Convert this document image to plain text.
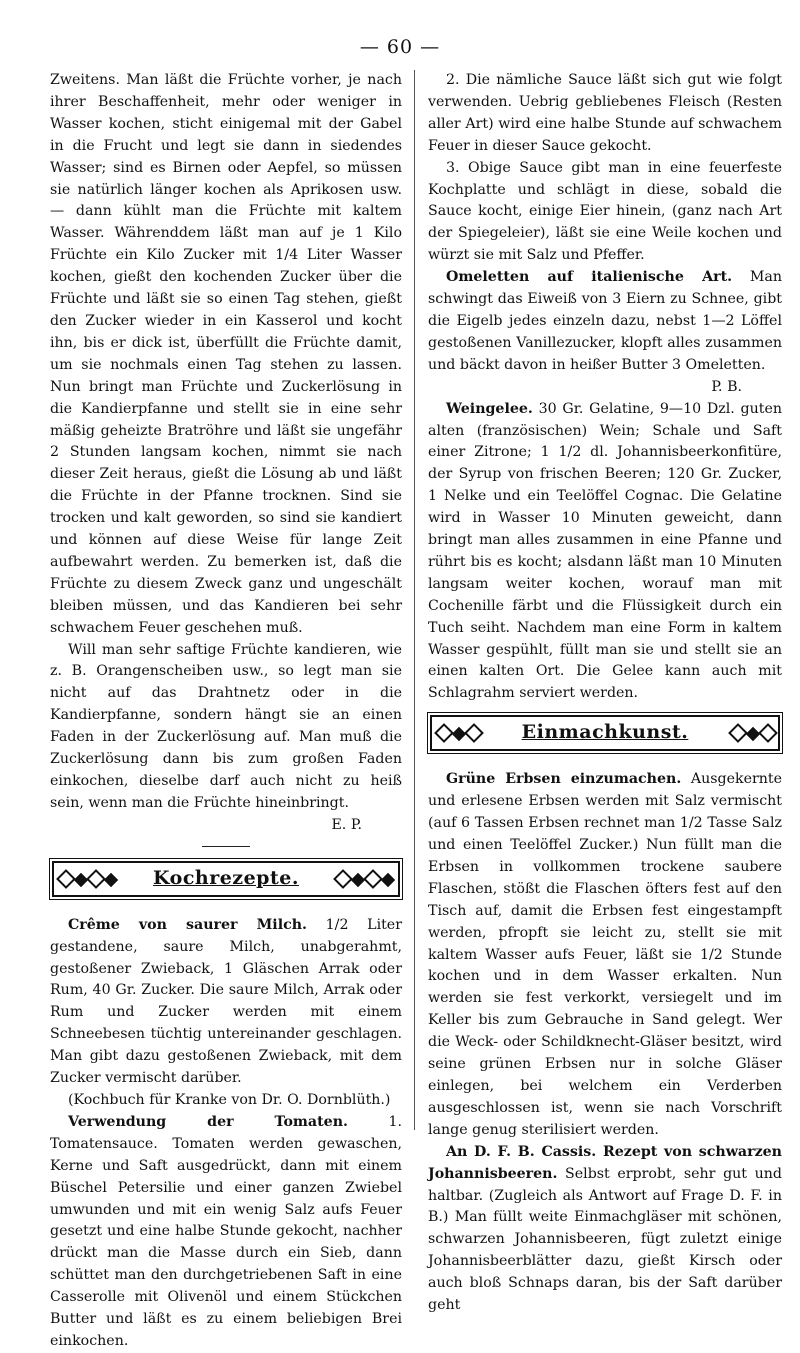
— 60 —

Zweitens. Man läßt die Früchte vorher, je nach ihrer Beschaffenheit, mehr oder weniger in Wasser kochen, sticht einigemal mit der Gabel in die Frucht und legt sie dann in siedendes Wasser; sind es Birnen oder Aepfel, so müssen sie natürlich länger kochen als Aprikosen usw. — dann kühlt man die Früchte mit kaltem Wasser. Währenddem läßt man auf je 1 Kilo Früchte ein Kilo Zucker mit 1/4 Liter Wasser kochen, gießt den kochenden Zucker über die Früchte und läßt sie so einen Tag stehen, gießt den Zucker wieder in ein Kasserol und kocht ihn, bis er dick ist, überfüllt die Früchte damit, um sie nochmals einen Tag stehen zu lassen. Nun bringt man Früchte und Zuckerlösung in die Kandierpfanne und stellt sie in eine sehr mäßig geheizte Bratröhre und läßt sie ungefähr 2 Stunden langsam kochen, nimmt sie nach dieser Zeit heraus, gießt die Lösung ab und läßt die Früchte in der Pfanne trocknen. Sind sie trocken und kalt geworden, so sind sie kandiert und können auf diese Weise für lange Zeit aufbewahrt werden. Zu bemerken ist, daß die Früchte zu diesem Zweck ganz und ungeschält bleiben müssen, und das Kandieren bei sehr schwachem Feuer geschehen muß.

Will man sehr saftige Früchte kandieren, wie z. B. Orangenscheiben usw., so legt man sie nicht auf das Drahtnetz oder in die Kandierpfanne, sondern hängt sie an einen Faden in der Zuckerlösung auf. Man muß die Zuckerlösung dann bis zum großen Faden einkochen, dieselbe darf auch nicht zu heiß sein, wenn man die Früchte hineinbringt.

E. P.

Kochrezepte.

Crême von saurer Milch. 1/2 Liter gestandene, saure Milch, unabgerahmt, gestoßener Zwieback, 1 Gläschen Arrak oder Rum, 40 Gr. Zucker. Die saure Milch, Arrak oder Rum und Zucker werden mit einem Schneebesen tüchtig untereinander geschlagen. Man gibt dazu gestoßenen Zwieback, mit dem Zucker vermischt darüber.

(Kochbuch für Kranke von Dr. O. Dornblüth.)

Verwendung der Tomaten. 1. Tomatensauce. Tomaten werden gewaschen, Kerne und Saft ausgedrückt, dann mit einem Büschel Petersilie und einer ganzen Zwiebel umwunden und mit ein wenig Salz aufs Feuer gesetzt und eine halbe Stunde gekocht, nachher drückt man die Masse durch ein Sieb, dann schüttet man den durchgetriebenen Saft in eine Casserolle mit Olivenöl und einem Stückchen Butter und läßt es zu einem beliebigen Brei einkochen.

2. Die nämliche Sauce läßt sich gut wie folgt verwenden. Uebrig gebliebenes Fleisch (Resten aller Art) wird eine halbe Stunde auf schwachem Feuer in dieser Sauce gekocht.

3. Obige Sauce gibt man in eine feuerfeste Kochplatte und schlägt in diese, sobald die Sauce kocht, einige Eier hinein, (ganz nach Art der Spiegeleier), läßt sie eine Weile kochen und würzt sie mit Salz und Pfeffer.

Omeletten auf italienische Art. Man schwingt das Eiweiß von 3 Eiern zu Schnee, gibt die Eigelb jedes einzeln dazu, nebst 1—2 Löffel gestoßenen Vanillezucker, klopft alles zusammen und bäckt davon in heißer Butter 3 Omeletten.

P. B.

Weingelee. 30 Gr. Gelatine, 9—10 Dzl. guten alten (französischen) Wein; Schale und Saft einer Zitrone; 1 1/2 dl. Johannisbeerkonfitüre, der Syrup von frischen Beeren; 120 Gr. Zucker, 1 Nelke und ein Teelöffel Cognac. Die Gelatine wird in Wasser 10 Minuten geweicht, dann bringt man alles zusammen in eine Pfanne und rührt bis es kocht; alsdann läßt man 10 Minuten langsam weiter kochen, worauf man mit Cochenille färbt und die Flüssigkeit durch ein Tuch seiht. Nachdem man eine Form in kaltem Wasser gespühlt, füllt man sie und stellt sie an einen kalten Ort. Die Gelee kann auch mit Schlagrahm serviert werden.

Einmachkunst.

Grüne Erbsen einzumachen. Ausgekernte und erlesene Erbsen werden mit Salz vermischt (auf 6 Tassen Erbsen rechnet man 1/2 Tasse Salz und einen Teelöffel Zucker.) Nun füllt man die Erbsen in vollkommen trockene saubere Flaschen, stößt die Flaschen öfters fest auf den Tisch auf, damit die Erbsen fest eingestampft werden, pfropft sie leicht zu, stellt sie mit kaltem Wasser aufs Feuer, läßt sie 1/2 Stunde kochen und in dem Wasser erkalten. Nun werden sie fest verkorkt, versiegelt und im Keller bis zum Gebrauche in Sand gelegt. Wer die Weck- oder Schildknecht-Gläser besitzt, wird seine grünen Erbsen nur in solche Gläser einlegen, bei welchem ein Verderben ausgeschlossen ist, wenn sie nach Vorschrift lange genug sterilisiert werden.

An D. F. B. Cassis. Rezept von schwarzen Johannisbeeren. Selbst erprobt, sehr gut und haltbar. (Zugleich als Antwort auf Frage D. F. in B.) Man füllt weite Einmachgläser mit schönen, schwarzen Johannisbeeren, fügt zuletzt einige Johannisbeerblätter dazu, gießt Kirsch oder auch bloß Schnaps daran, bis der Saft darüber geht
